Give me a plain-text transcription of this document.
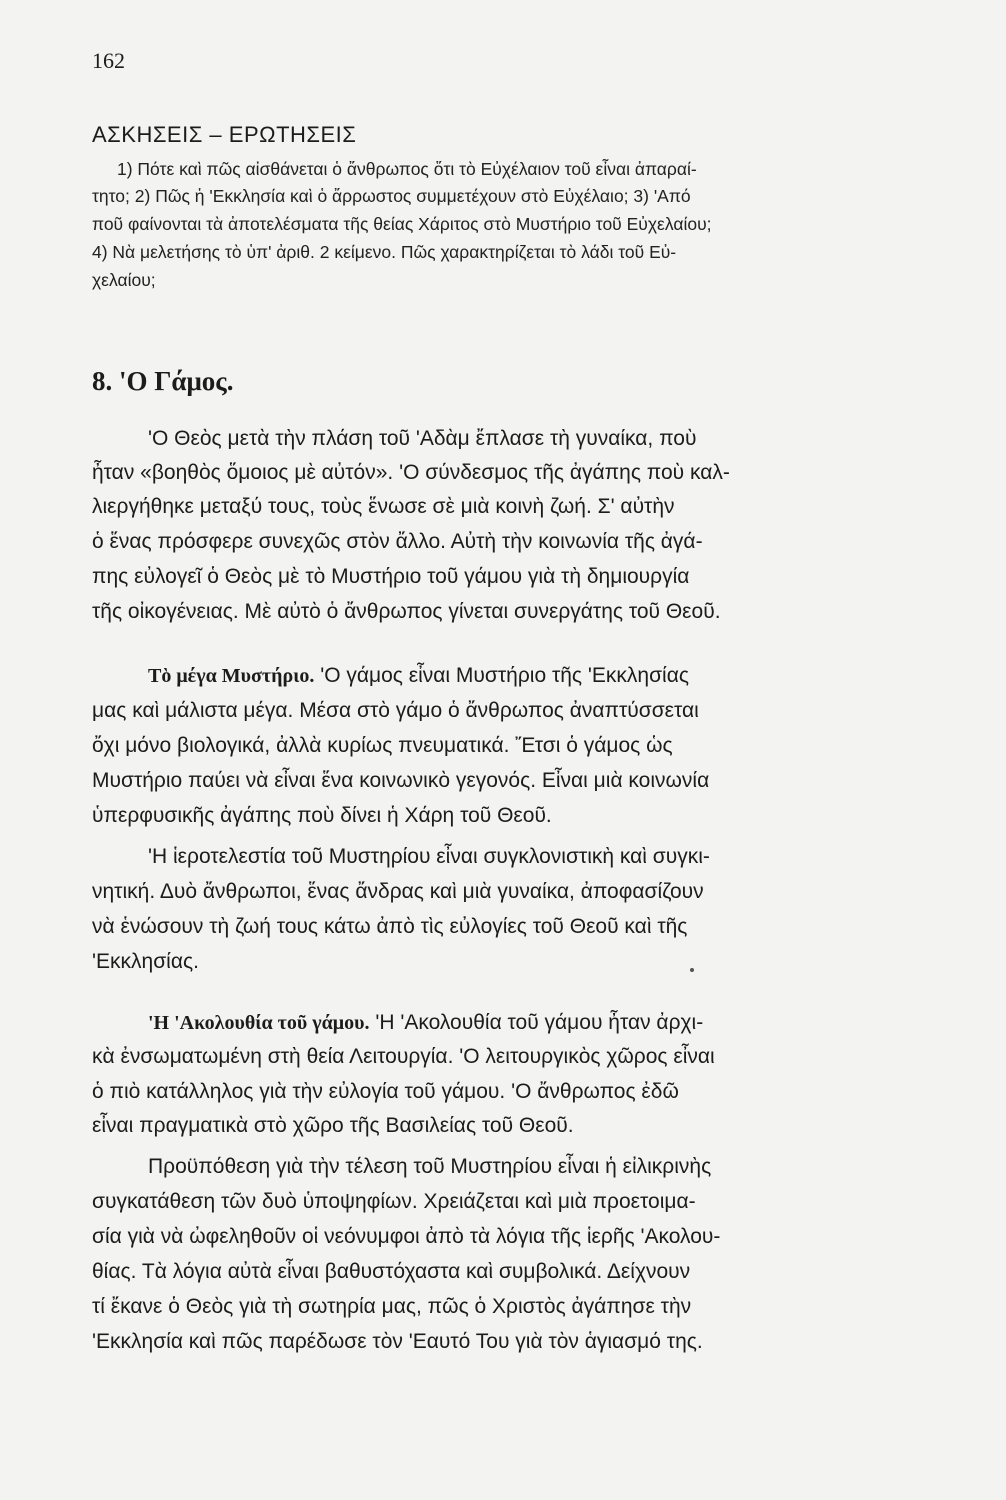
162
ΑΣΚΗΣΕΙΣ – ΕΡΩΤΗΣΕΙΣ
1) Πότε καὶ πῶς αἰσθάνεται ὁ ἄνθρωπος ὅτι τὸ Εὐχέλαιον τοῦ εἶναι ἀπαραί-
τητο; 2) Πῶς ἡ 'Εκκλησία καὶ ὁ ἄρρωστος συμμετέχουν στὸ Εὐχέλαιο; 3) 'Από
ποῦ φαίνονται τὰ ἀποτελέσματα τῆς θείας Χάριτος στὸ Μυστήριο τοῦ Εὐχελαίου;
4) Νὰ μελετήσης τὸ ὑπ' ἀριθ. 2 κείμενο. Πῶς χαρακτηρίζεται τὸ λάδι τοῦ Εὐ-
χελαίου;
8. 'Ο Γάμος.
'Ο Θεὸς μετὰ τὴν πλάση τοῦ 'Αδὰμ ἔπλασε τὴ γυναίκα, ποὺ
ἦταν «βοηθὸς ὅμοιος μὲ αὐτόν». 'Ο σύνδεσμος τῆς ἀγάπης ποὺ καλ-
λιεργήθηκε μεταξύ τους, τοὺς ἕνωσε σὲ μιὰ κοινὴ ζωή. Σ' αὐτὴν
ὁ ἕνας πρόσφερε συνεχῶς στὸν ἄλλο. Αὐτὴ τὴν κοινωνία τῆς ἀγά-
πης εὐλογεῖ ὁ Θεὸς μὲ τὸ Μυστήριο τοῦ γάμου γιὰ τὴ δημιουργία
τῆς οἰκογένειας. Μὲ αὐτὸ ὁ ἄνθρωπος γίνεται συνεργάτης τοῦ Θεοῦ.
Τὸ μέγα Μυστήριο. 'Ο γάμος εἶναι Μυστήριο τῆς 'Εκκλησίας
μας καὶ μάλιστα μέγα. Μέσα στὸ γάμο ὁ ἄνθρωπος ἀναπτύσσεται
ὄχι μόνο βιολογικά, ἀλλὰ κυρίως πνευματικά. Ἔτσι ὁ γάμος ὡς
Μυστήριο παύει νὰ εἶναι ἕνα κοινωνικὸ γεγονός. Εἶναι μιὰ κοινωνία
ὑπερφυσικῆς ἀγάπης ποὺ δίνει ἡ Χάρη τοῦ Θεοῦ.
'Η ἱεροτελεστία τοῦ Μυστηρίου εἶναι συγκλονιστικὴ καὶ συγκι-
νητική. Δυὸ ἄνθρωποι, ἕνας ἄνδρας καὶ μιὰ γυναίκα, ἀποφασίζουν
νὰ ἑνώσουν τὴ ζωή τους κάτω ἀπὸ τὶς εὐλογίες τοῦ Θεοῦ καὶ τῆς
'Εκκλησίας.
'Η 'Ακολουθία τοῦ γάμου. 'Η 'Ακολουθία τοῦ γάμου ἦταν ἀρχι-
κὰ ἐνσωματωμένη στὴ θεία Λειτουργία. 'Ο λειτουργικὸς χῶρος εἶναι
ὁ πιὸ κατάλληλος γιὰ τὴν εὐλογία τοῦ γάμου. 'Ο ἄνθρωπος ἐδῶ
εἶναι πραγματικὰ στὸ χῶρο τῆς Βασιλείας τοῦ Θεοῦ.
Προϋπόθεση γιὰ τὴν τέλεση τοῦ Μυστηρίου εἶναι ἡ εἰλικρινὴς
συγκατάθεση τῶν δυὸ ὑποψηφίων. Χρειάζεται καὶ μιὰ προετοιμα-
σία γιὰ νὰ ὠφεληθοῦν οἱ νεόνυμφοι ἀπὸ τὰ λόγια τῆς ἱερῆς 'Ακολου-
θίας. Τὰ λόγια αὐτὰ εἶναι βαθυστόχαστα καὶ συμβολικά. Δείχνουν
τί ἔκανε ὁ Θεὸς γιὰ τὴ σωτηρία μας, πῶς ὁ Χριστὸς ἀγάπησε τὴν
'Εκκλησία καὶ πῶς παρέδωσε τὸν 'Εαυτό Του γιὰ τὸν ἁγιασμό της.
